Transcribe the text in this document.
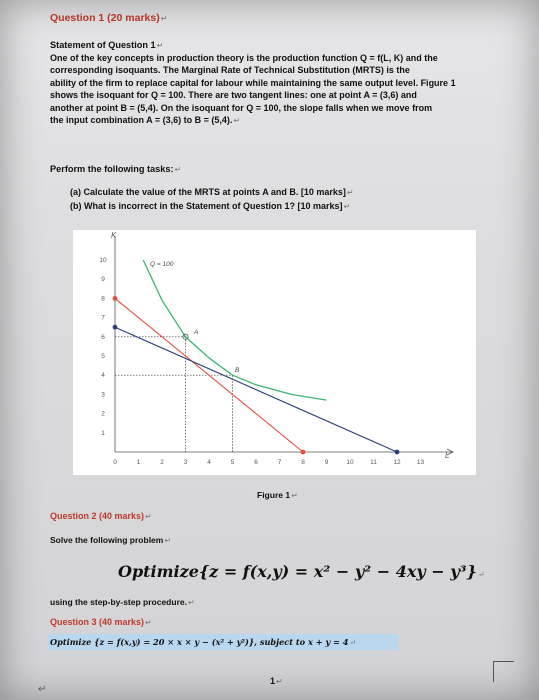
Question 1 (20 marks)↵
Statement of Question 1↵

One of the key concepts in production theory is the production function Q = f(L, K) and the

corresponding isoquants. The Marginal Rate of Technical Substitution (MRTS) is the

ability of the firm to replace capital for labour while maintaining the same output level. Figure 1

shows the isoquant for Q = 100. There are two tangent lines: one at point A = (3,6) and

another at point B = (5,4). On the isoquant for Q = 100, the slope falls when we move from

the input combination A = (3,6) to B = (5,4).↵

Perform the following tasks:↵
(a) Calculate the value of the MRTS at points A and B. [10 marks]↵
(b) What is incorrect in the Statement of Question 1? [10 marks]↵
0	1	2	3	4	5	6	7	8	9	10	11	12	13
1
2
3
4
5
6
7
8
9
10
K
L
Q = 100
A
B
Figure 1↵
Question 2 (40 marks)↵
Solve the following problem↵
Optimize{z = f(x,y) = x² − y² − 4xy − y³}↵
using the step-by-step procedure.↵
Question 3 (40 marks)↵
Optimize {z = f(x,y) = 20 × x × y − (x² + y²)}, subject to x + y = 4↵
1↵
↵
